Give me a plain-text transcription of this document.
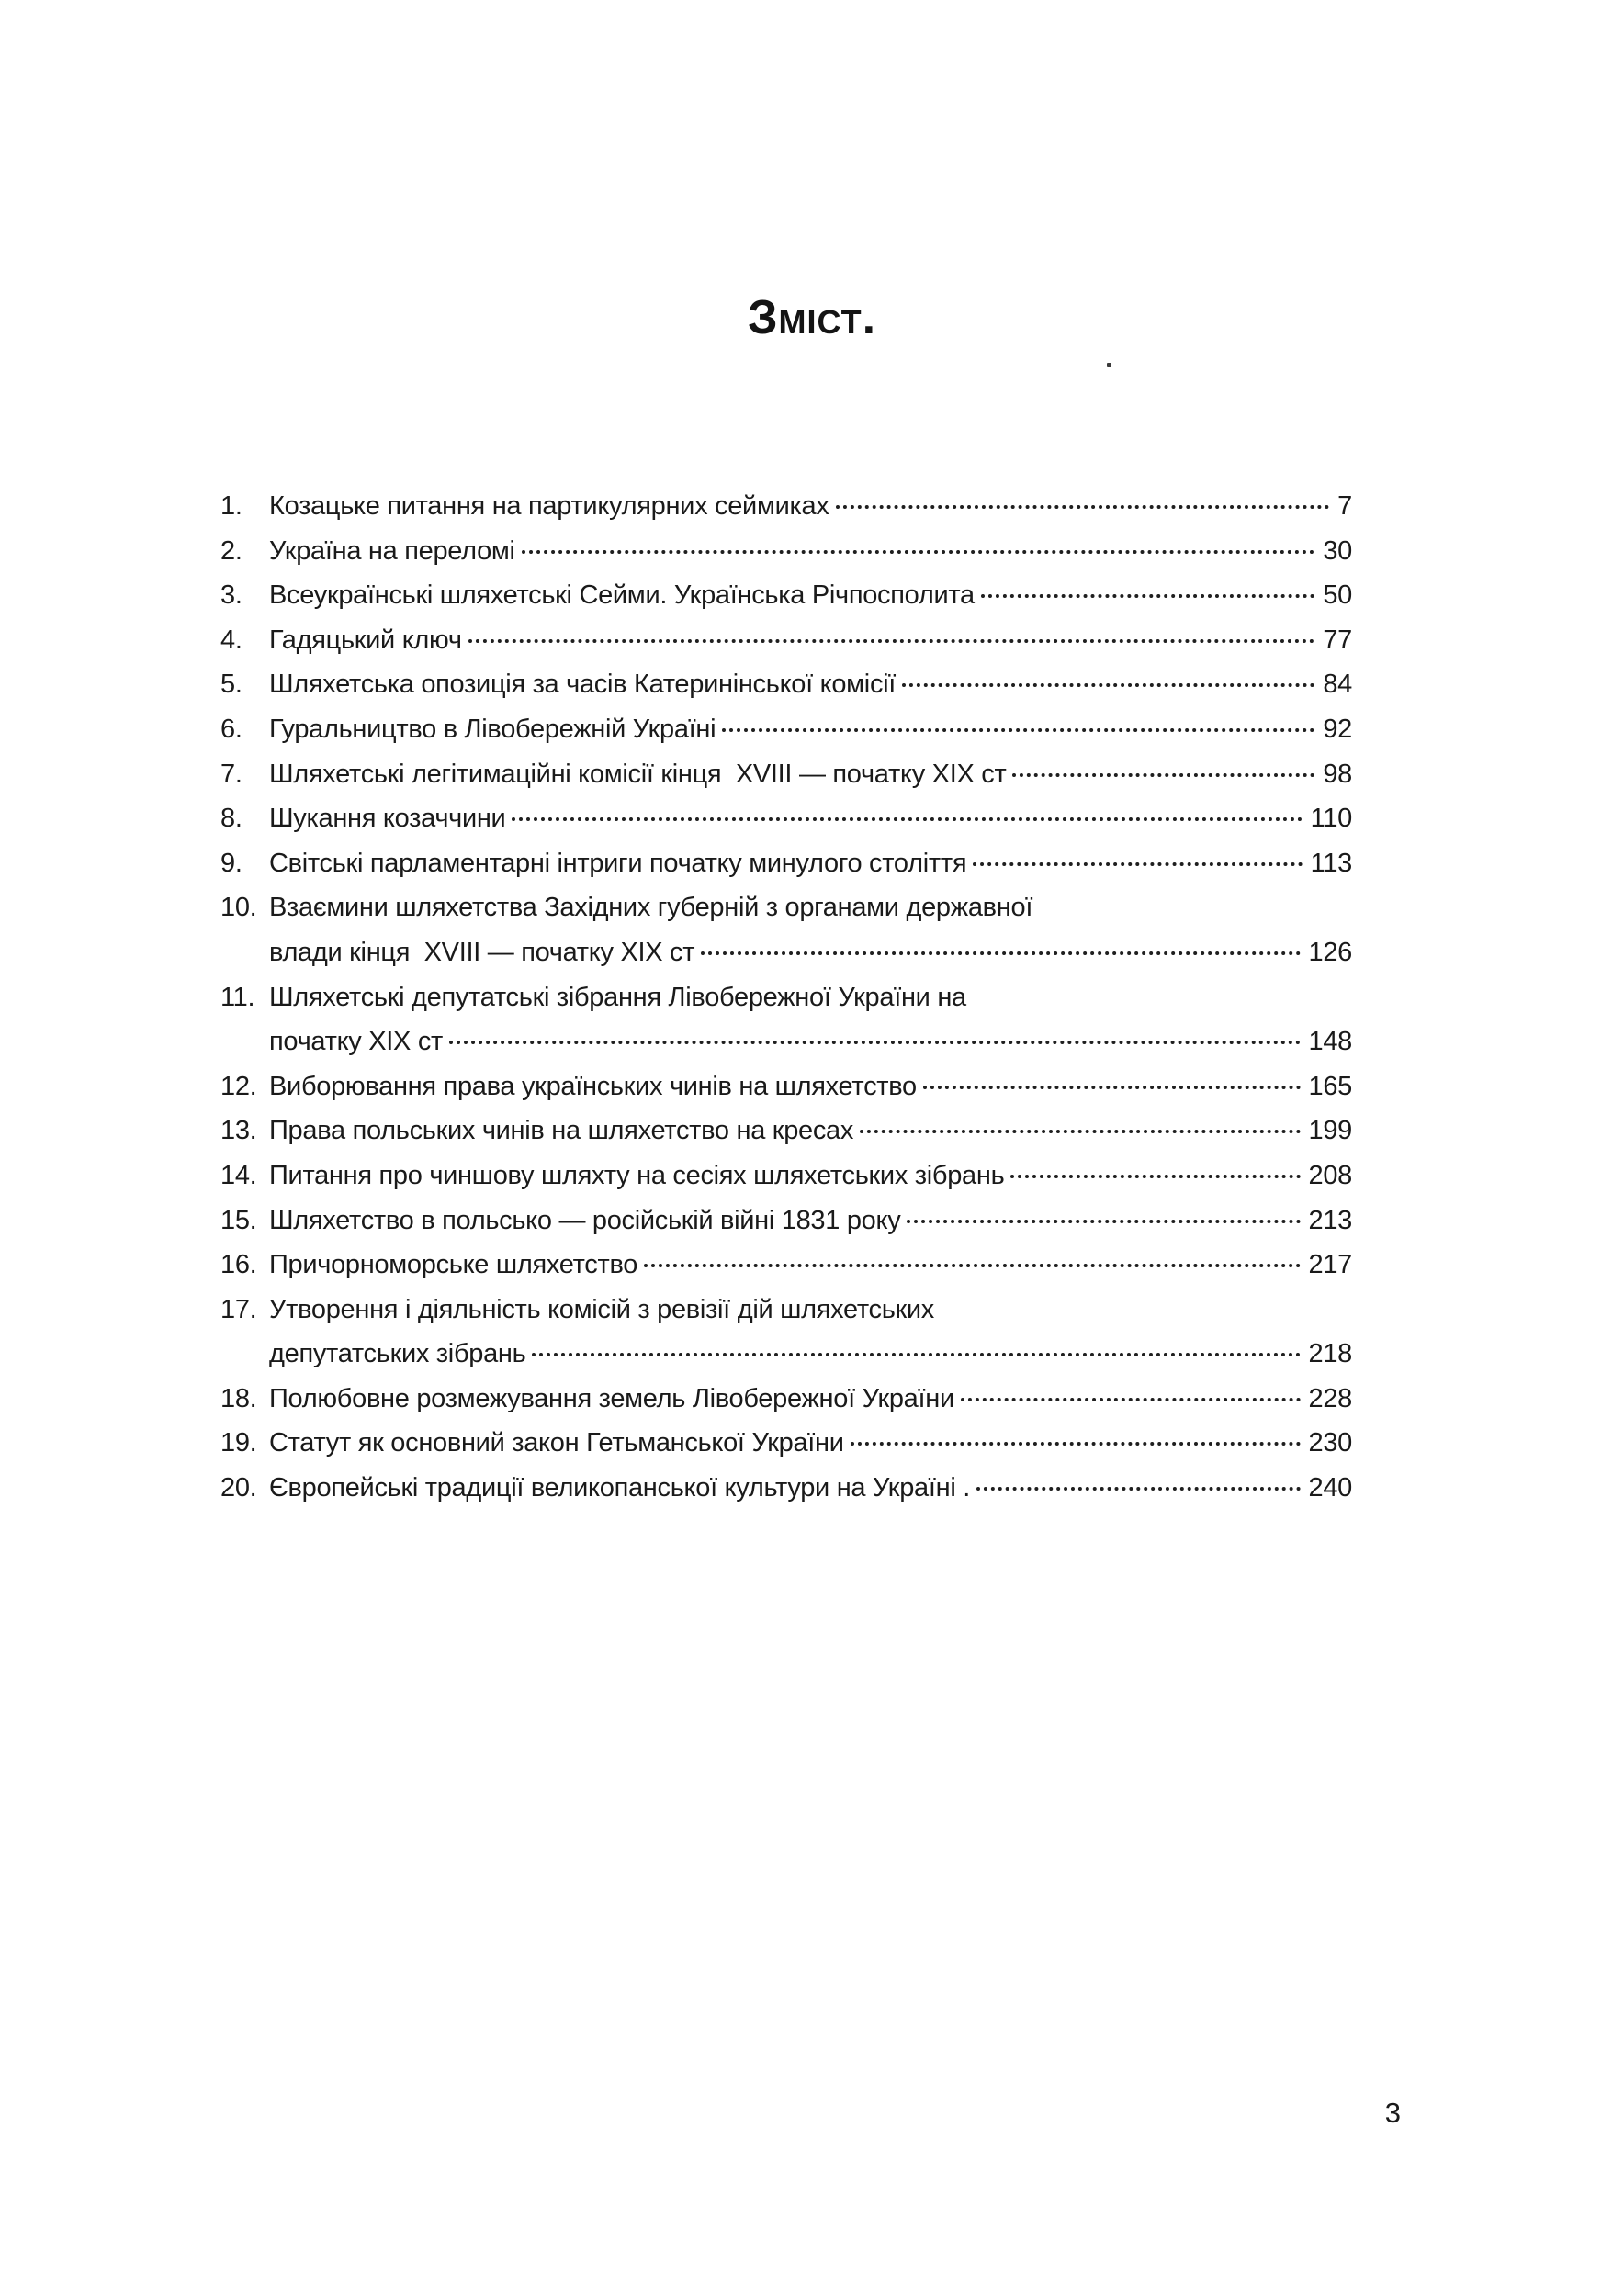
Зміст.
1.	Козацьке питання на партикулярних сеймиках	7
2.	Україна на переломі	30
3.	Всеукраїнські шляхетські Сейми. Українська Річпосполита	50
4.	Гадяцький ключ	77
5.	Шляхетська опозиція за часів Катеринінської комісії	84
6.	Гуральництво в Лівобережній Україні	92
7.	Шляхетські легітимаційні комісії кінця  XVIII — початку XIX ст	98
8.	Шукання козаччини	110
9.	Світські парламентарні інтриги початку минулого століття	113
10. Взаємини шляхетства Західних губерній з органами державної
влади кінця  XVIII — початку XIX ст	126
11. Шляхетські депутатські зібрання Лівобережної України на
початку XIX ст	148
12. Виборювання права українських чинів на шляхетство	165
13. Права польських чинів на шляхетство на кресах	199
14. Питання про чиншову шляхту на сесіях шляхетських зібрань	208
15. Шляхетство в польсько — російській війні 1831 року	213
16. Причорноморське шляхетство	217
17. Утворення і діяльність комісій з ревізії дій шляхетських
депутатських зібрань	218
18. Полюбовне розмежування земель Лівобережної України	228
19. Статут як основний закон Гетьманської України	230
20. Європейські традиції великопанської культури на Україні .	240
3
